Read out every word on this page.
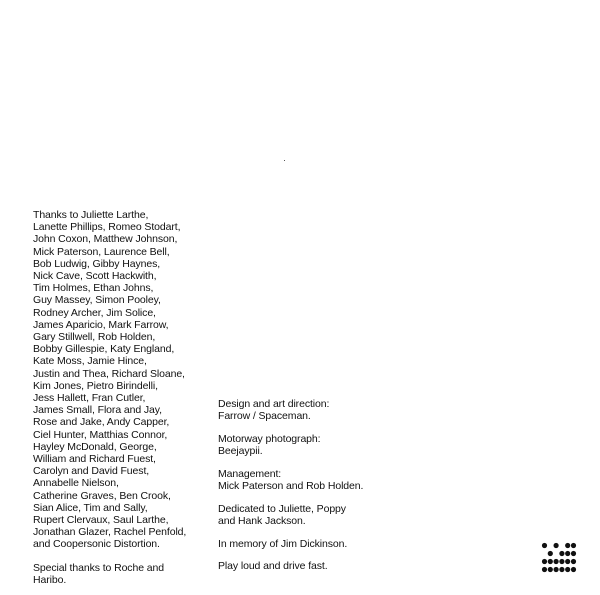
Thanks to Juliette Larthe,
Lanette Phillips, Romeo Stodart,
John Coxon, Matthew Johnson,
Mick Paterson, Laurence Bell,
Bob Ludwig, Gibby Haynes,
Nick Cave, Scott Hackwith,
Tim Holmes, Ethan Johns,
Guy Massey, Simon Pooley,
Rodney Archer, Jim Solice,
James Aparicio, Mark Farrow,
Gary Stillwell, Rob Holden,
Bobby Gillespie, Katy England,
Kate Moss, Jamie Hince,
Justin and Thea, Richard Sloane,
Kim Jones, Pietro Birindelli,
Jess Hallett, Fran Cutler,
James Small, Flora and Jay,
Rose and Jake, Andy Capper,
Ciel Hunter, Matthias Connor,
Hayley McDonald, George,
William and Richard Fuest,
Carolyn and David Fuest,
Annabelle Nielson,
Catherine Graves, Ben Crook,
Sian Alice, Tim and Sally,
Rupert Clervaux, Saul Larthe,
Jonathan Glazer, Rachel Penfold,
and Coopersonic Distortion.
Special thanks to Roche and
Haribo.
Design and art direction:
Farrow / Spaceman.
Motorway photograph:
Beejaypii.
Management:
Mick Paterson and Rob Holden.
Dedicated to Juliette, Poppy
and Hank Jackson.
In memory of Jim Dickinson.
Play loud and drive fast.
